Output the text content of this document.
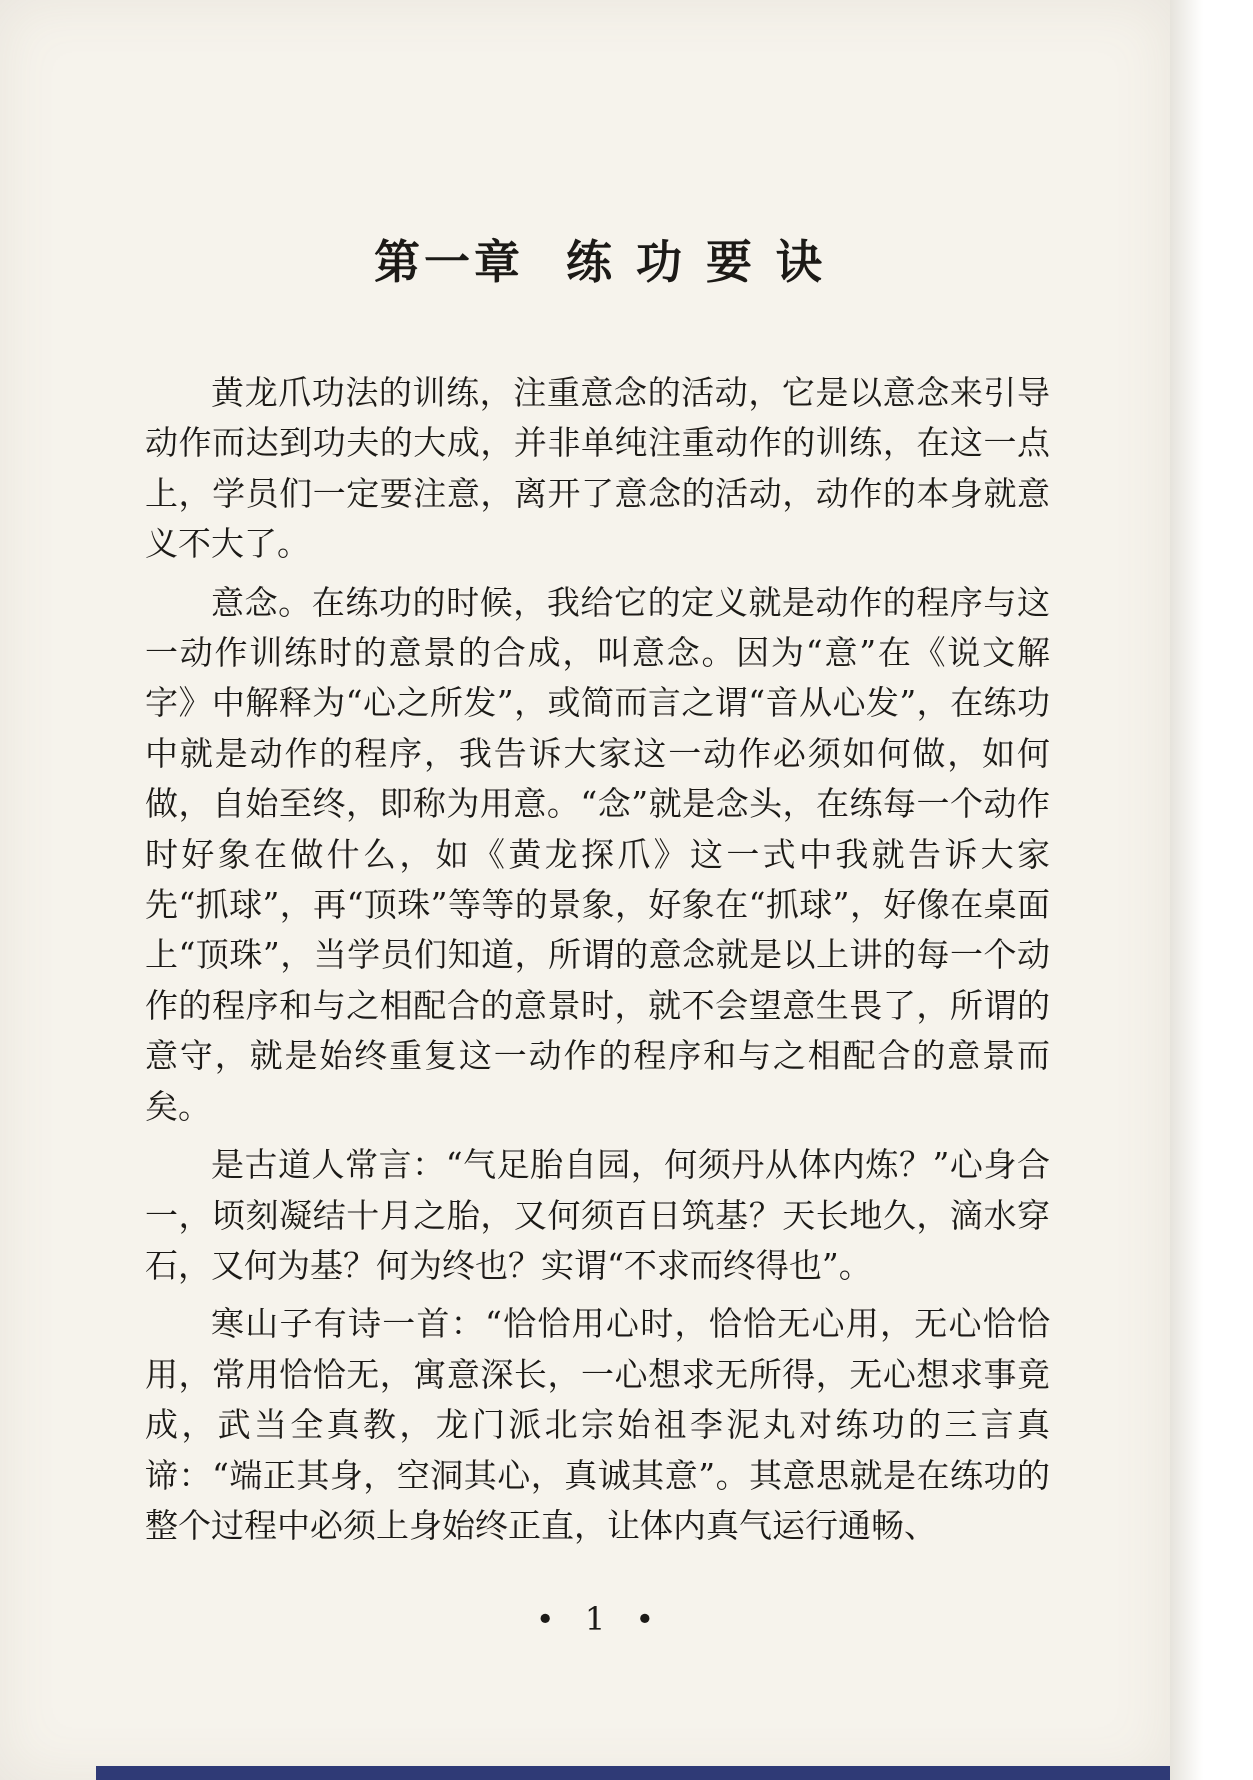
第一章 练 功 要 诀

黄龙爪功法的训练，注重意念的活动，它是以意念来引导动作而达到功夫的大成，并非单纯注重动作的训练，在这一点上，学员们一定要注意，离开了意念的活动，动作的本身就意义不大了。

意念。在练功的时候，我给它的定义就是动作的程序与这一动作训练时的意景的合成，叫意念。因为“意”在《说文解字》中解释为“心之所发”，或简而言之谓“音从心发”，在练功中就是动作的程序，我告诉大家这一动作必须如何做，如何做，自始至终，即称为用意。“念”就是念头，在练每一个动作时好象在做什么，如《黄龙探爪》这一式中我就告诉大家先“抓球”，再“顶珠”等等的景象，好象在“抓球”，好像在桌面上“顶珠”，当学员们知道，所谓的意念就是以上讲的每一个动作的程序和与之相配合的意景时，就不会望意生畏了，所谓的意守，就是始终重复这一动作的程序和与之相配合的意景而矣。

是古道人常言：“气足胎自园，何须丹从体内炼？”心身合一，顷刻凝结十月之胎，又何须百日筑基？天长地久，滴水穿石，又何为基？何为终也？实谓“不求而终得也”。

寒山子有诗一首：“恰恰用心时，恰恰无心用，无心恰恰用，常用恰恰无，寓意深长，一心想求无所得，无心想求事竟成，武当全真教，龙门派北宗始祖李泥丸对练功的三言真谛：“端正其身，空洞其心，真诚其意”。其意思就是在练功的整个过程中必须上身始终正直，让体内真气运行通畅、

• 1 •
